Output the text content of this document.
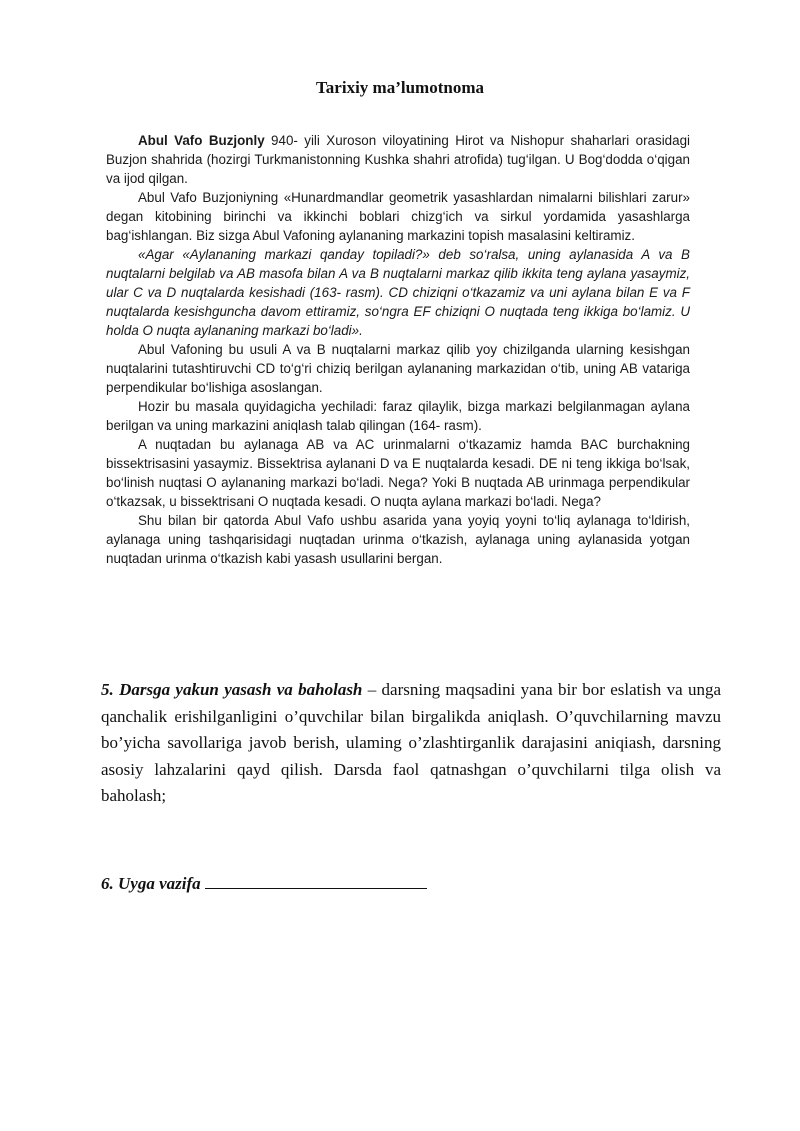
Tarixiy ma’lumotnoma

Abul Vafo Buzjonly 940- yili Xuroson viloyatining Hirot va Nishopur shaharlari orasidagi Buzjon shahrida (hozirgi Turkmanistonning Kushka shahri atrofida) tug‘ilgan. U Bog‘dodda o‘qigan va ijod qilgan.

Abul Vafo Buzjoniyning «Hunardmandlar geometrik yasashlardan nimalarni bilishlari zarur» degan kitobining birinchi va ikkinchi boblari chizg‘ich va sirkul yordamida yasashlarga bag‘ishlangan. Biz sizga Abul Vafoning aylananing markazini topish masalasini keltiramiz.

«Agar «Aylananing markazi qanday topiladi?» deb so‘ralsa, uning aylanasida A va B nuqtalarni belgilab va AB masofa bilan A va B nuqtalarni markaz qilib ikkita teng aylana yasaymiz, ular C va D nuqtalarda kesishadi (163- rasm). CD chiziqni o‘tkazamiz va uni aylana bilan E va F nuqtalarda kesishguncha davom ettiramiz, so‘ngra EF chiziqni O nuqtada teng ikkiga bo‘lamiz. U holda O nuqta aylananing markazi bo‘ladi».

Abul Vafoning bu usuli A va B nuqtalarni markaz qilib yoy chizilganda ularning kesishgan nuqtalarini tutashtiruvchi CD to‘g‘ri chiziq berilgan aylananing markazidan o‘tib, uning AB vatariga perpendikular bo‘lishiga asoslangan.

Hozir bu masala quyidagicha yechiladi: faraz qilaylik, bizga markazi belgilanmagan aylana berilgan va uning markazini aniqlash talab qilingan (164- rasm).

A nuqtadan bu aylanaga AB va AC urinmalarni o‘tkazamiz hamda BAC burchakning bissektrisasini yasaymiz. Bissektrisa aylanani D va E nuqtalarda kesadi. DE ni teng ikkiga bo‘lsak, bo‘linish nuqtasi O aylananing markazi bo‘ladi. Nega? Yoki B nuqtada AB urinmaga perpendikular o‘tkazsak, u bissektrisani O nuqtada kesadi. O nuqta aylana markazi bo‘ladi. Nega?

Shu bilan bir qatorda Abul Vafo ushbu asarida yana yoyiq yoyni to‘liq aylanaga to‘ldirish, aylanaga uning tashqarisidagi nuqtadan urinma o‘tkazish, aylanaga uning aylanasida yotgan nuqtadan urinma o‘tkazish kabi yasash usullarini bergan.

5. Darsga yakun yasash va baholash – darsning maqsadini yana bir bor eslatish va unga qanchalik erishilganligini o’quvchilar bilan birgalikda aniqlash. O’quvchilarning mavzu bo’yicha savollariga javob berish, ulaming o’zlashtirganlik darajasini aniqiash, darsning asosiy lahzalarini qayd qilish. Darsda faol qatnashgan o’quvchilarni tilga olish va baholash;
6. Uygа vazifa
